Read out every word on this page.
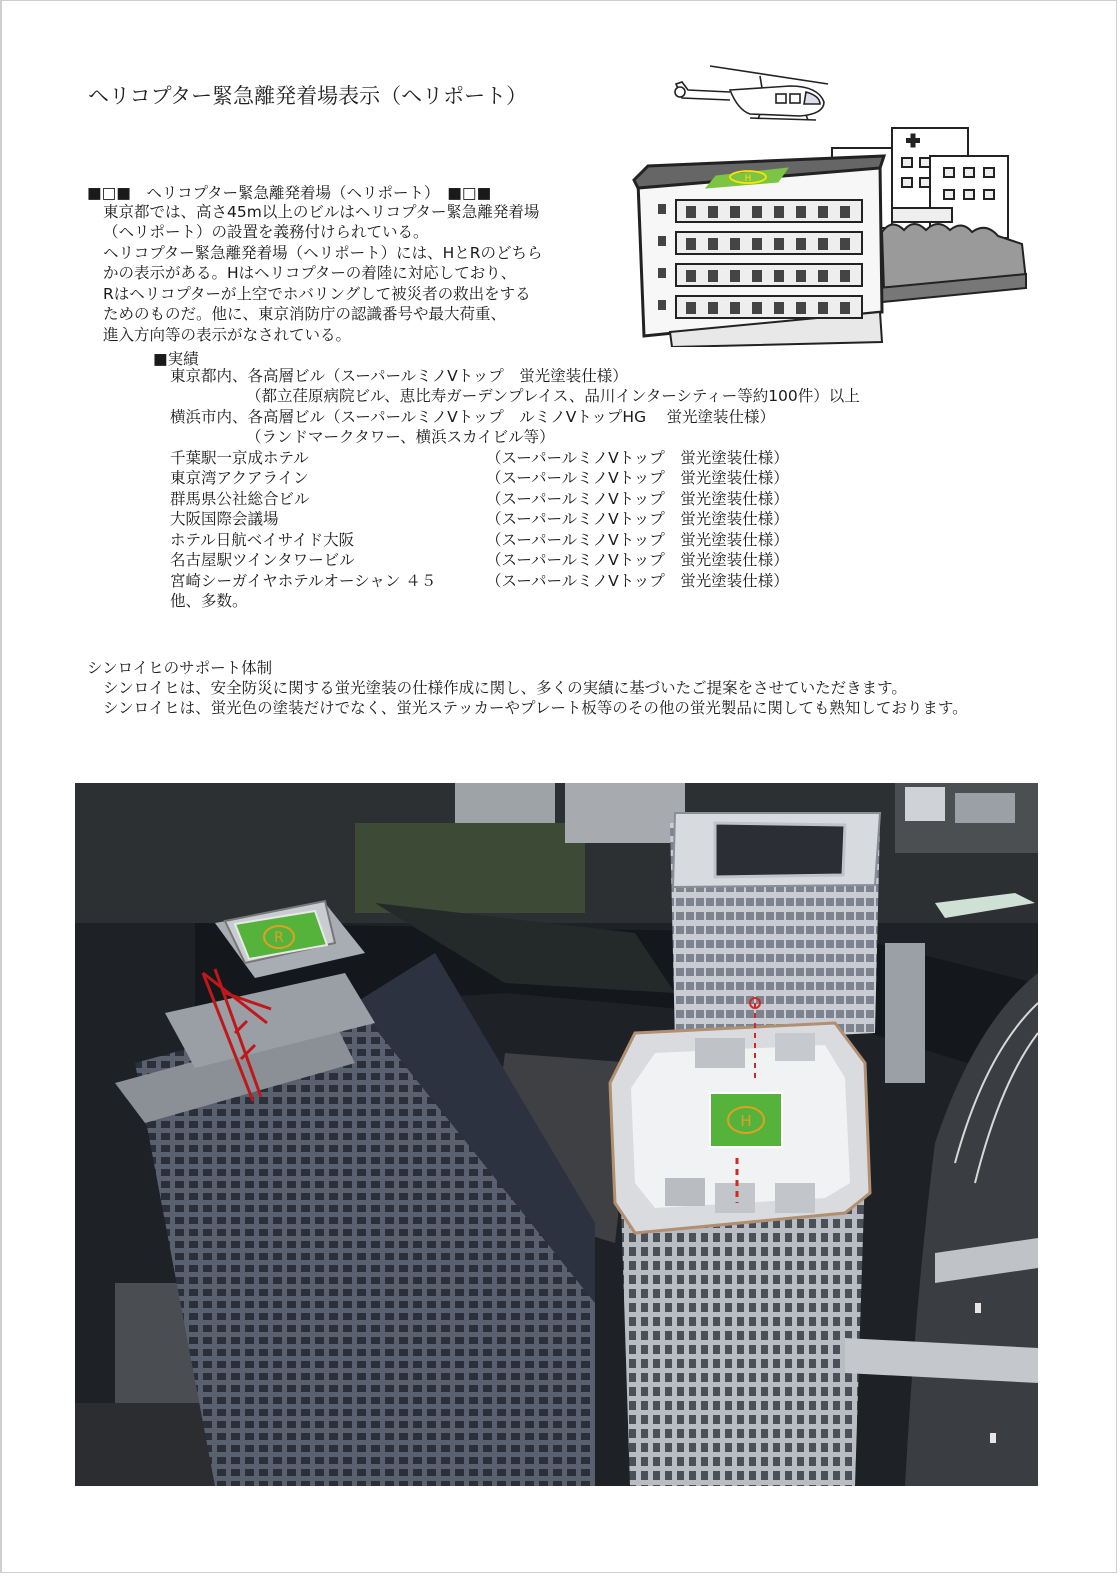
ヘリコプター緊急離発着場表示（ヘリポート）
H
■□■　ヘリコプター緊急離発着場（ヘリポート）　■□■
東京都では、高さ45m以上のビルはヘリコプター緊急離発着場
（ヘリポート）の設置を義務付けられている。
ヘリコプター緊急離発着場（ヘリポート）には、HとRのどちら
かの表示がある。Hはヘリコプターの着陸に対応しており、
Rはヘリコプターが上空でホバリングして被災者の救出をする
ためのものだ。他に、東京消防庁の認識番号や最大荷重、
進入方向等の表示がなされている。
■実績
東京都内、各高層ビル（スーパールミノVトップ　蛍光塗装仕様）
（都立荏原病院ビル、恵比寿ガーデンプレイス、品川インターシティー等約100件）以上
横浜市内、各高層ビル（スーパールミノVトップ　ルミノVトップHG　 蛍光塗装仕様）
（ランドマークタワー、横浜スカイビル等）
千葉駅一京成ホテル	（スーパールミノVトップ　蛍光塗装仕様）
東京湾アクアライン	（スーパールミノVトップ　蛍光塗装仕様）
群馬県公社総合ビル	（スーパールミノVトップ　蛍光塗装仕様）
大阪国際会議場	（スーパールミノVトップ　蛍光塗装仕様）
ホテル日航ベイサイド大阪	（スーパールミノVトップ　蛍光塗装仕様）
名古屋駅ツインタワービル	（スーパールミノVトップ　蛍光塗装仕様）
宮崎シーガイヤホテルオーシャン ４５	（スーパールミノVトップ　蛍光塗装仕様）
他、多数。
シンロイヒのサポート体制
シンロイヒは、安全防災に関する蛍光塗装の仕様作成に関し、多くの実績に基づいたご提案をさせていただきます。
シンロイヒは、蛍光色の塗装だけでなく、蛍光ステッカーやプレート板等のその他の蛍光製品に関しても熟知しております。
R
H
